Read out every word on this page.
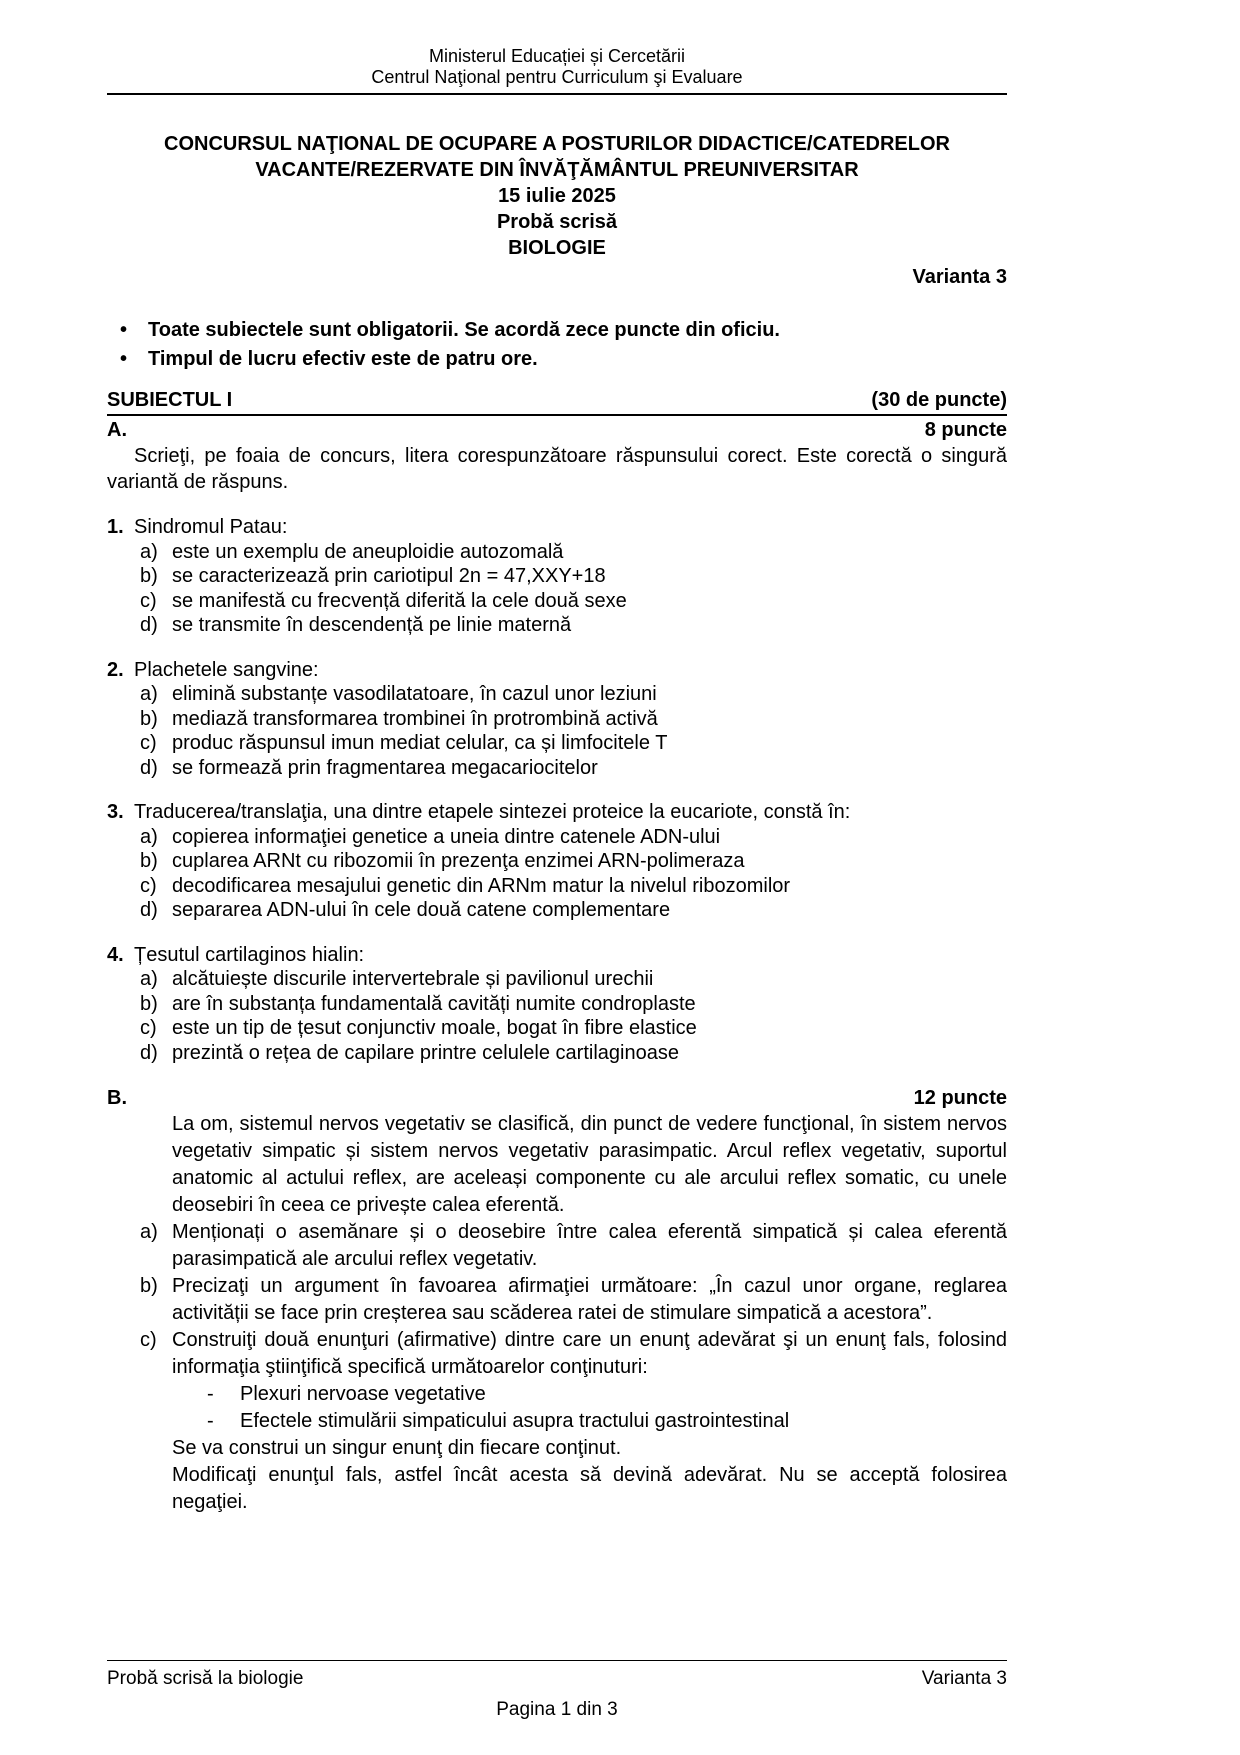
Ministerul Educației și Cercetării
Centrul Naţional pentru Curriculum şi Evaluare
CONCURSUL NAŢIONAL DE OCUPARE A POSTURILOR DIDACTICE/CATEDRELOR
VACANTE/REZERVATE DIN ÎNVĂŢĂMÂNTUL PREUNIVERSITAR
15 iulie 2025
Probă scrisă
BIOLOGIE
Varianta 3
• Toate subiectele sunt obligatorii. Se acordă zece puncte din oficiu.
• Timpul de lucru efectiv este de patru ore.
SUBIECTUL I	(30 de puncte)
A.	8 puncte

Scrieţi, pe foaia de concurs, litera corespunzătoare răspunsului corect. Este corectă o singură variantă de răspuns.

1. Sindromul Patau:
a) este un exemplu de aneuploidie autozomală
b) se caracterizează prin cariotipul 2n = 47,XXY+18
c) se manifestă cu frecvență diferită la cele două sexe
d) se transmite în descendență pe linie maternă
2. Plachetele sangvine:
a) elimină substanțe vasodilatatoare, în cazul unor leziuni
b) mediază transformarea trombinei în protrombină activă
c) produc răspunsul imun mediat celular, ca și limfocitele T
d) se formează prin fragmentarea megacariocitelor
3. Traducerea/translaţia, una dintre etapele sintezei proteice la eucariote, constă în:
a) copierea informaţiei genetice a uneia dintre catenele ADN-ului
b) cuplarea ARNt cu ribozomii în prezenţa enzimei ARN-polimeraza
c) decodificarea mesajului genetic din ARNm matur la nivelul ribozomilor
d) separarea ADN-ului în cele două catene complementare
4. Țesutul cartilaginos hialin:
a) alcătuiește discurile intervertebrale și pavilionul urechii
b) are în substanța fundamentală cavități numite condroplaste
c) este un tip de țesut conjunctiv moale, bogat în fibre elastice
d) prezintă o rețea de capilare printre celulele cartilaginoase
B.	12 puncte

La om, sistemul nervos vegetativ se clasifică, din punct de vedere funcţional, în sistem nervos vegetativ simpatic și sistem nervos vegetativ parasimpatic. Arcul reflex vegetativ, suportul anatomic al actului reflex, are aceleași componente cu ale arcului reflex somatic, cu unele deosebiri în ceea ce privește calea eferentă.

a) Menționați o asemănare și o deosebire între calea eferentă simpatică și calea eferentă parasimpatică ale arcului reflex vegetativ.
b) Precizaţi un argument în favoarea afirmaţiei următoare: „În cazul unor organe, reglarea activității se face prin creșterea sau scăderea ratei de stimulare simpatică a acestora”.
c) Construiţi două enunţuri (afirmative) dintre care un enunţ adevărat şi un enunţ fals, folosind informaţia ştiinţifică specifică următoarelor conţinuturi:
- Plexuri nervoase vegetative
- Efectele stimulării simpaticului asupra tractului gastrointestinal

Se va construi un singur enunţ din fiecare conţinut.

Modificaţi enunţul fals, astfel încât acesta să devină adevărat. Nu se acceptă folosirea negaţiei.

Probă scrisă la biologie	Varianta 3
Pagina 1 din 3
